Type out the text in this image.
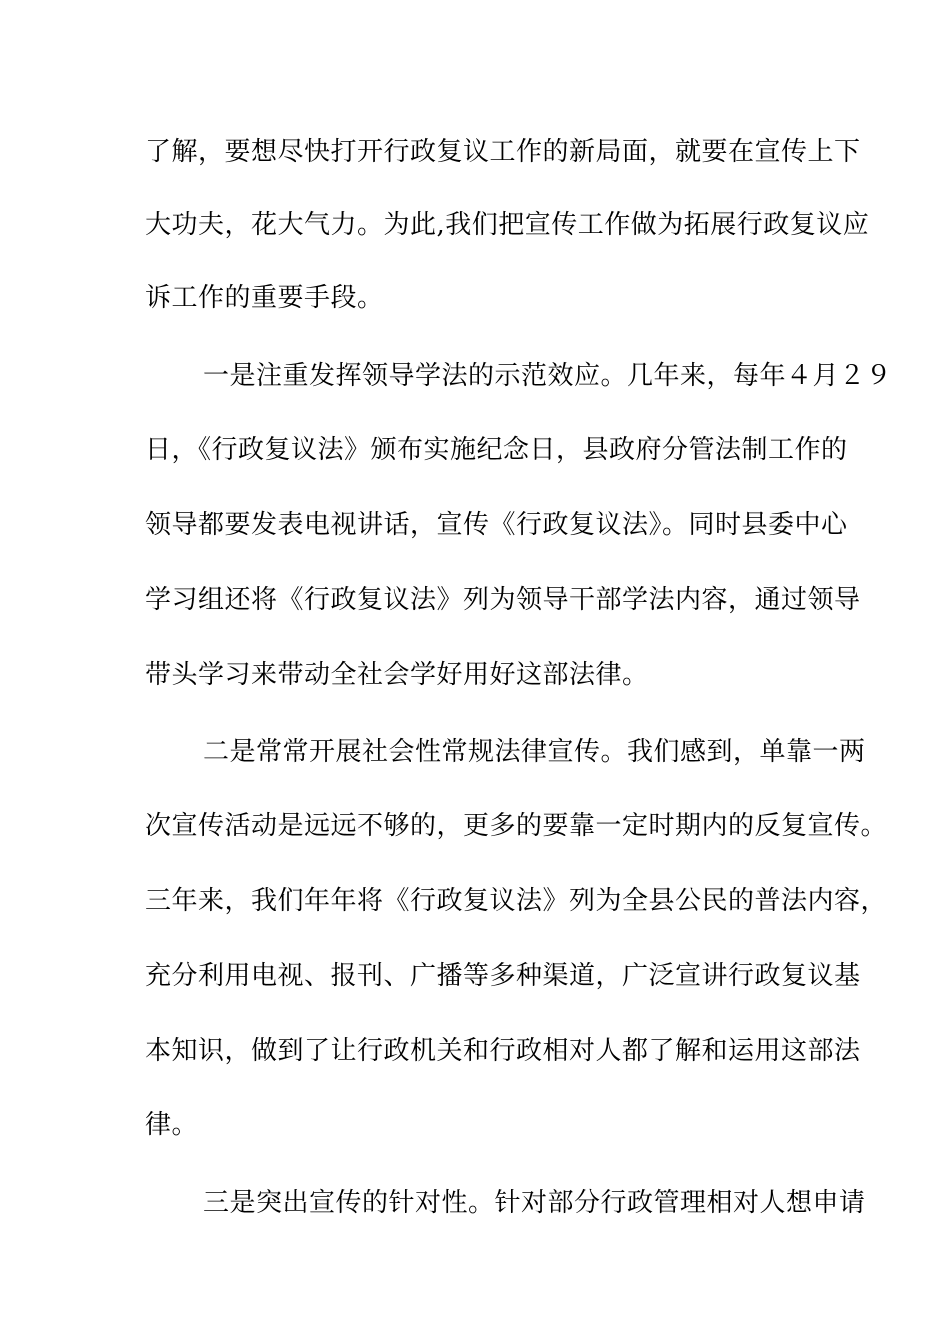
了解，要想尽快打开行政复议工作的新局面，就要在宣传上下
大功夫，花大气力。为此,我们把宣传工作做为拓展行政复议应
诉工作的重要手段。
一是注重发挥领导学法的示范效应。几年来，每年４月２９
日，《行政复议法》颁布实施纪念日，县政府分管法制工作的
领导都要发表电视讲话，宣传《行政复议法》。同时县委中心
学习组还将《行政复议法》列为领导干部学法内容，通过领导
带头学习来带动全社会学好用好这部法律。
二是常常开展社会性常规法律宣传。我们感到，单靠一两
次宣传活动是远远不够的，更多的要靠一定时期内的反复宣传。
三年来，我们年年将《行政复议法》列为全县公民的普法内容，
充分利用电视、报刊、广播等多种渠道，广泛宣讲行政复议基
本知识，做到了让行政机关和行政相对人都了解和运用这部法
律。
三是突出宣传的针对性。针对部分行政管理相对人想申请
